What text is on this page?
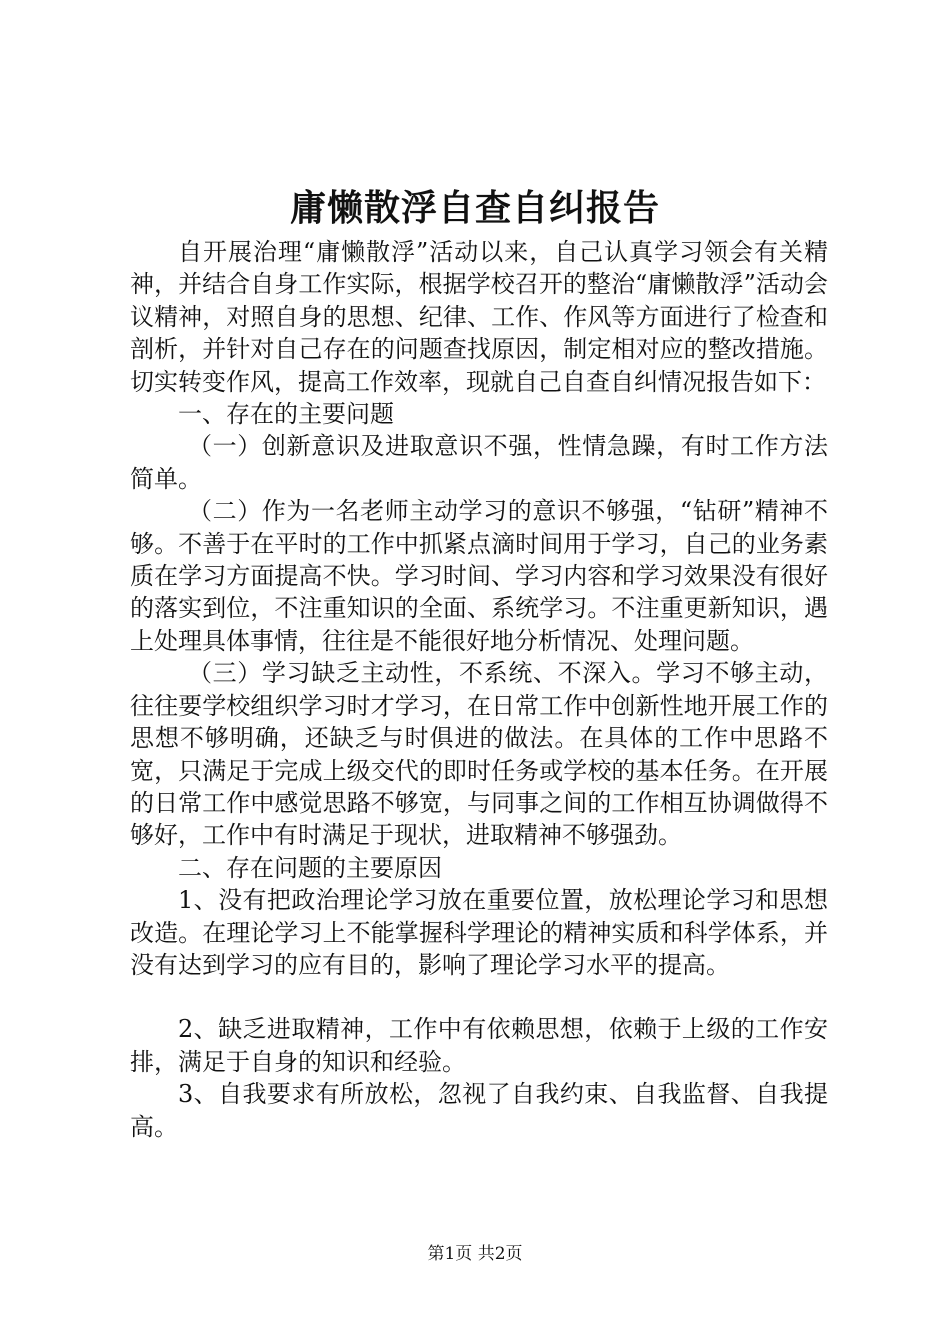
庸懒散浮自查自纠报告

自开展治理“庸懒散浮”活动以来，自己认真学习领会有关精神，并结合自身工作实际，根据学校召开的整治“庸懒散浮”活动会议精神，对照自身的思想、纪律、工作、作风等方面进行了检查和剖析，并针对自己存在的问题查找原因，制定相对应的整改措施。切实转变作风，提高工作效率，现就自己自查自纠情况报告如下：

一、存在的主要问题

（一）创新意识及进取意识不强，性情急躁，有时工作方法简单。

（二）作为一名老师主动学习的意识不够强，“钻研”精神不够。不善于在平时的工作中抓紧点滴时间用于学习，自己的业务素质在学习方面提高不快。学习时间、学习内容和学习效果没有很好的落实到位，不注重知识的全面、系统学习。不注重更新知识，遇上处理具体事情，往往是不能很好地分析情况、处理问题。

（三）学习缺乏主动性，不系统、不深入。学习不够主动，往往要学校组织学习时才学习，在日常工作中创新性地开展工作的思想不够明确，还缺乏与时俱进的做法。在具体的工作中思路不宽，只满足于完成上级交代的即时任务或学校的基本任务。在开展的日常工作中感觉思路不够宽，与同事之间的工作相互协调做得不够好，工作中有时满足于现状，进取精神不够强劲。

二、存在问题的主要原因

1、没有把政治理论学习放在重要位置，放松理论学习和思想改造。在理论学习上不能掌握科学理论的精神实质和科学体系，并没有达到学习的应有目的，影响了理论学习水平的提高。

2、缺乏进取精神，工作中有依赖思想，依赖于上级的工作安排，满足于自身的知识和经验。

3、自我要求有所放松，忽视了自我约束、自我监督、自我提高。

第1页 共2页
